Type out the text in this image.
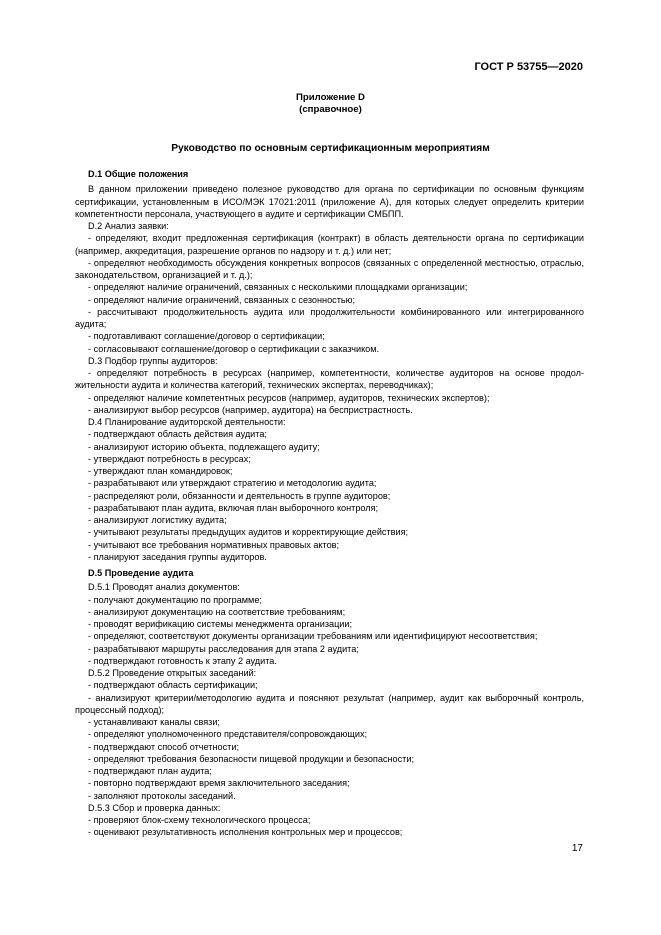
ГОСТ Р 53755—2020
Приложение D
(справочное)
Руководство по основным сертификационным мероприятиям

D.1 Общие положения

В данном приложении приведено полезное руководство для органа по сертификации по основным функциям сертификации, установленным в ИСО/МЭК 17021:2011 (приложение А), для которых следует определить критерии компетентности персонала, участвующего в аудите и сертификации СМБПП.

D.2 Анализ заявки:

- определяют, входит предложенная сертификация (контракт) в область деятельности органа по сертификации (например, аккредитация, разрешение органов по надзору и т. д.) или нет;

- определяют необходимость обсуждения конкретных вопросов (связанных с определенной местностью, отраслью, законодательством, организацией и т. д.);

- определяют наличие ограничений, связанных с несколькими площадками организации;

- определяют наличие ограничений, связанных с сезонностью;

- рассчитывают продолжительность аудита или продолжительности комбинированного или интегрированного аудита;

- подготавливают соглашение/договор о сертификации;

- согласовывают соглашение/договор о сертификации с заказчиком.

D.3 Подбор группы аудиторов:

- определяют потребность в ресурсах (например, компетентности, количестве аудиторов на основе продолжительности аудита и количества категорий, технических экспертах, переводчиках);

- определяют наличие компетентных ресурсов (например, аудиторов, технических экспертов);

- анализируют выбор ресурсов (например, аудитора) на беспристрастность.

D.4 Планирование аудиторской деятельности:

- подтверждают область действия аудита;

- анализируют историю объекта, подлежащего аудиту;

- утверждают потребность в ресурсах;

- утверждают план командировок;

- разрабатывают или утверждают стратегию и методологию аудита;

- распределяют роли, обязанности и деятельность в группе аудиторов;

- разрабатывают план аудита, включая план выборочного контроля;

- анализируют логистику аудита;

- учитывают результаты предыдущих аудитов и корректирующие действия;

- учитывают все требования нормативных правовых актов;

- планируют заседания группы аудиторов.

D.5 Проведение аудита

D.5.1 Проводят анализ документов:

- получают документацию по программе;

- анализируют документацию на соответствие требованиям;

- проводят верификацию системы менеджмента организации;

- определяют, соответствуют документы организации требованиям или идентифицируют несоответствия;

- разрабатывают маршруты расследования для этапа 2 аудита;

- подтверждают готовность к этапу 2 аудита.

D.5.2 Проведение открытых заседаний:

- подтверждают область сертификации;

- анализируют критерии/методологию аудита и поясняют результат (например, аудит как выборочный контроль, процессный подход);

- устанавливают каналы связи;

- определяют уполномоченного представителя/сопровождающих;

- подтверждают способ отчетности;

- определяют требования безопасности пищевой продукции и безопасности;

- подтверждают план аудита;

- повторно подтверждают время заключительного заседания;

- заполняют протоколы заседаний.

D.5.3 Сбор и проверка данных:

- проверяют блок-схему технологического процесса;

- оценивают результативность исполнения контрольных мер и процессов;

17
